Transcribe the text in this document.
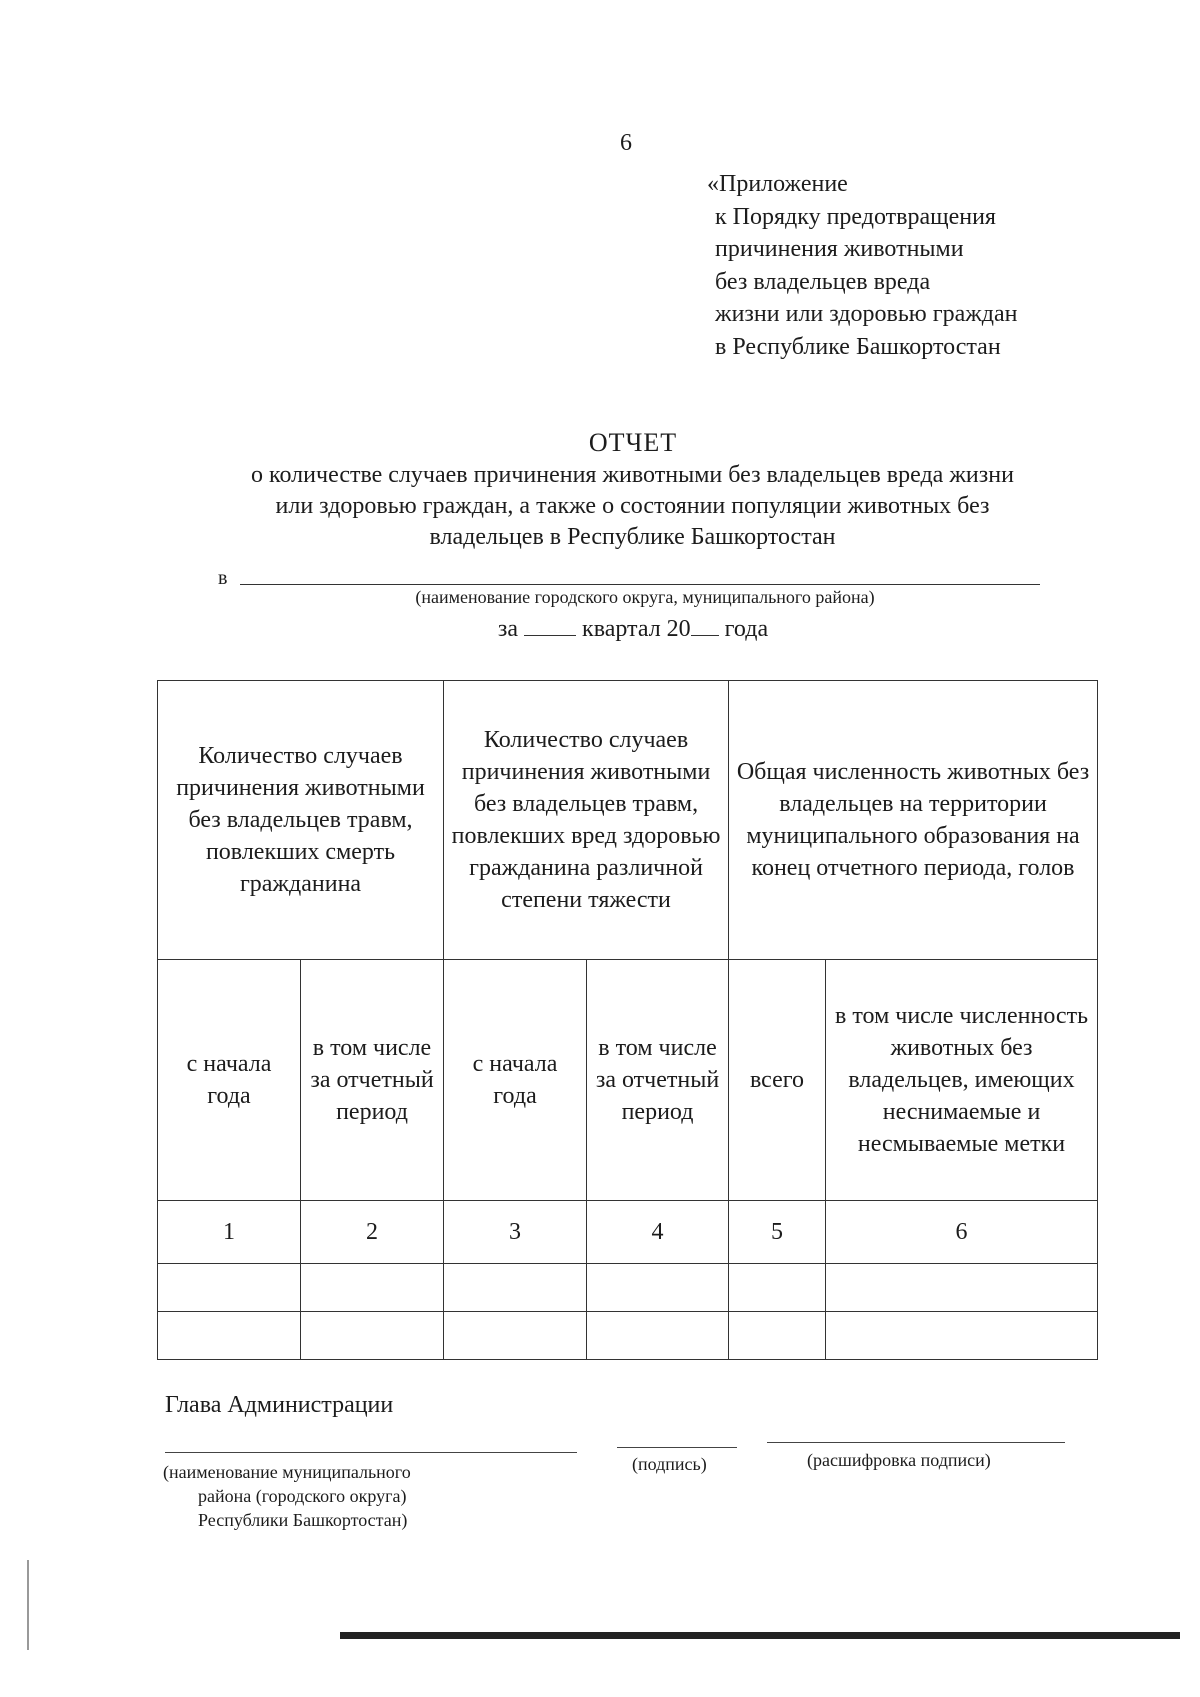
6
«Приложение
к Порядку предотвращения
причинения животными
без владельцев вреда
жизни или здоровью граждан
в Республике Башкортостан
ОТЧЕТ
о количестве случаев причинения животными без владельцев вреда жизни
или здоровью граждан, а также о состоянии популяции животных без
владельцев в Республике Башкортостан
в
(наименование городского округа, муниципального района)
за	квартал 20 года
Количество случаев причинения животными без владельцев травм, повлекших смерть гражданина		Количество случаев причинения животными без владельцев травм, повлекших вред здоровью гражданина различной степени тяжести		Общая численность животных без владельцев на территории муниципального образования на конец отчетного периода, голов	
с начала года	в том числе за отчетный период	с начала года	в том числе за отчетный период	всего	в том числе численность животных без владельцев, имеющих неснимаемые и несмываемые метки
1	2	3	4	5	6

Глава Администрации
(наименование муниципального
района (городского округа)
Республики Башкортостан)
(подпись)	(расшифровка подписи)
